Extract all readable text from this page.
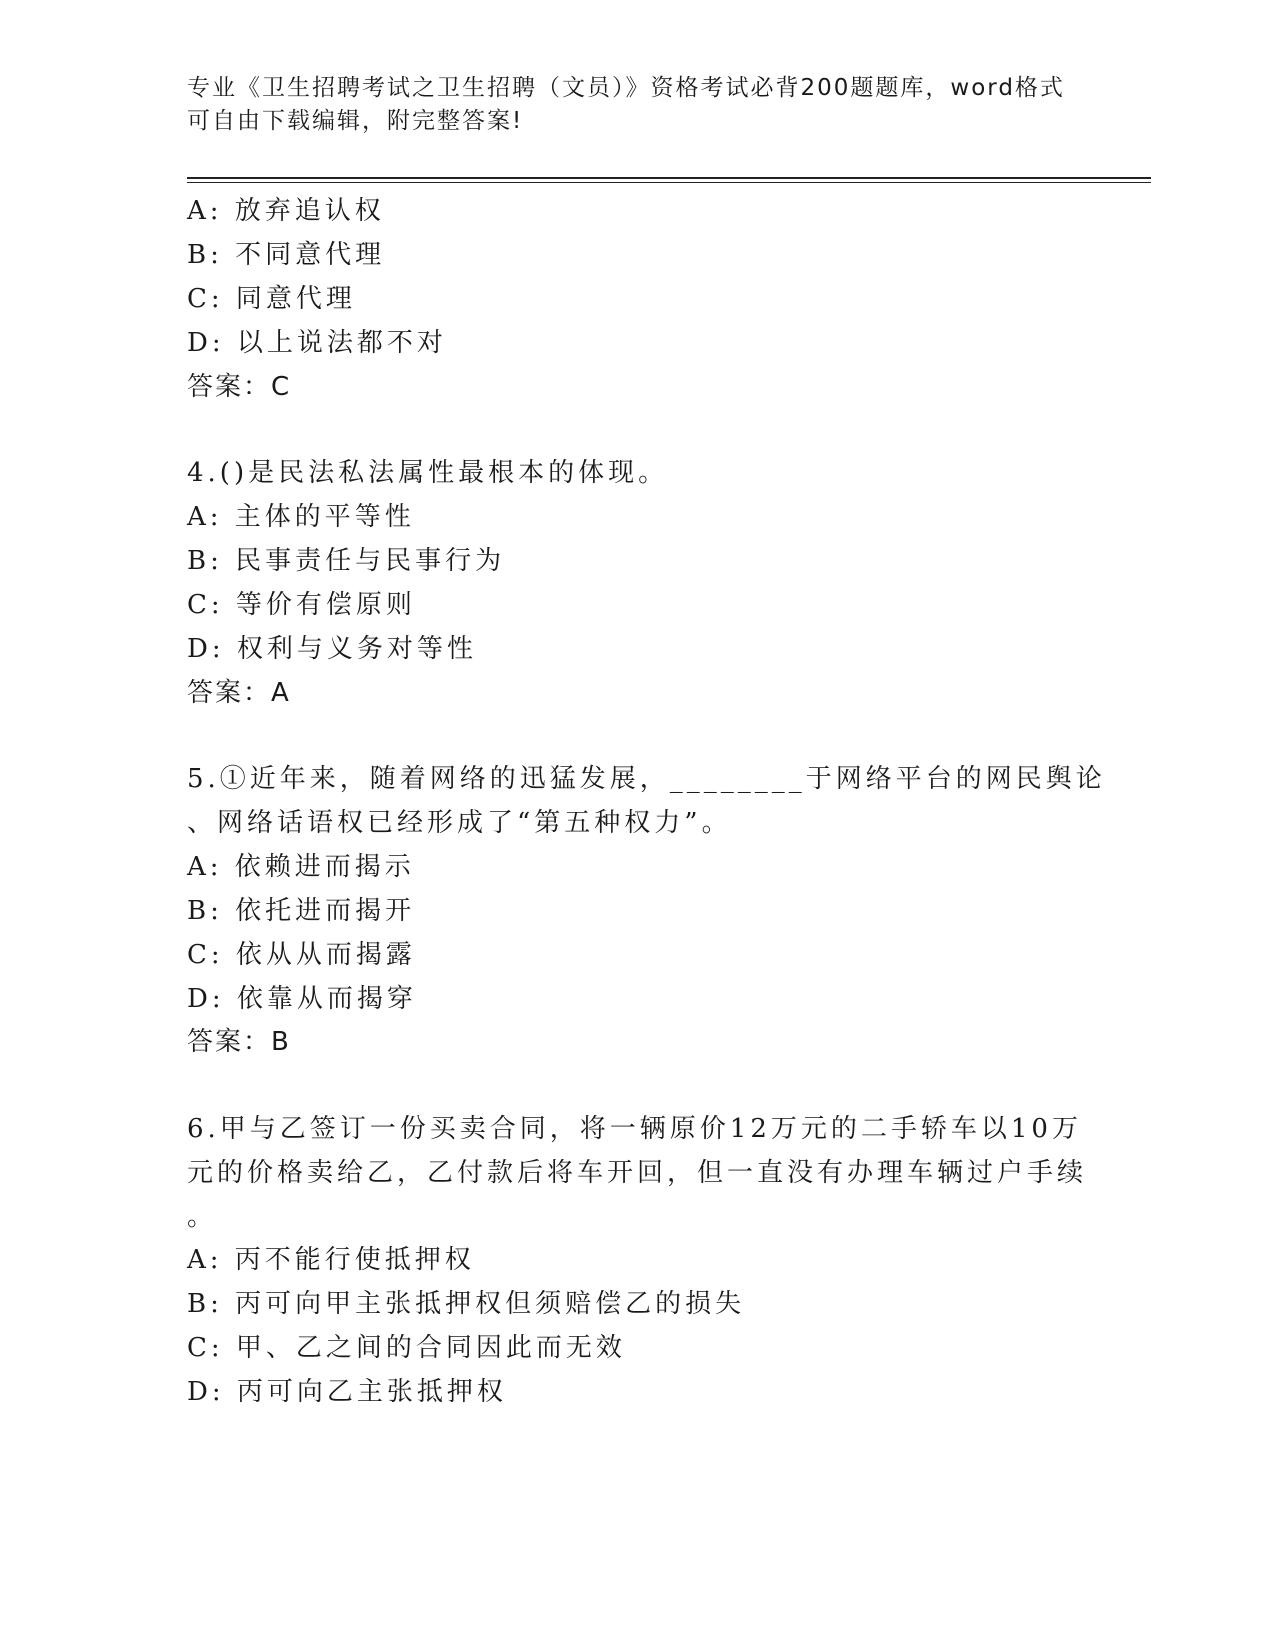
专业《卫生招聘考试之卫生招聘（文员）》资格考试必背200题题库，word格式
可自由下载编辑，附完整答案!
A: 放弃追认权
B: 不同意代理
C: 同意代理
D: 以上说法都不对
答案：C
4.()是民法私法属性最根本的体现。
A: 主体的平等性
B: 民事责任与民事行为
C: 等价有偿原则
D: 权利与义务对等性
答案：A
5.①近年来，随着网络的迅猛发展，________于网络平台的网民舆论
、网络话语权已经形成了“第五种权力”。
A: 依赖进而揭示
B: 依托进而揭开
C: 依从从而揭露
D: 依靠从而揭穿
答案：B
6.甲与乙签订一份买卖合同，将一辆原价12万元的二手轿车以10万
元的价格卖给乙，乙付款后将车开回，但一直没有办理车辆过户手续
。
A: 丙不能行使抵押权
B: 丙可向甲主张抵押权但须赔偿乙的损失
C: 甲、乙之间的合同因此而无效
D: 丙可向乙主张抵押权
